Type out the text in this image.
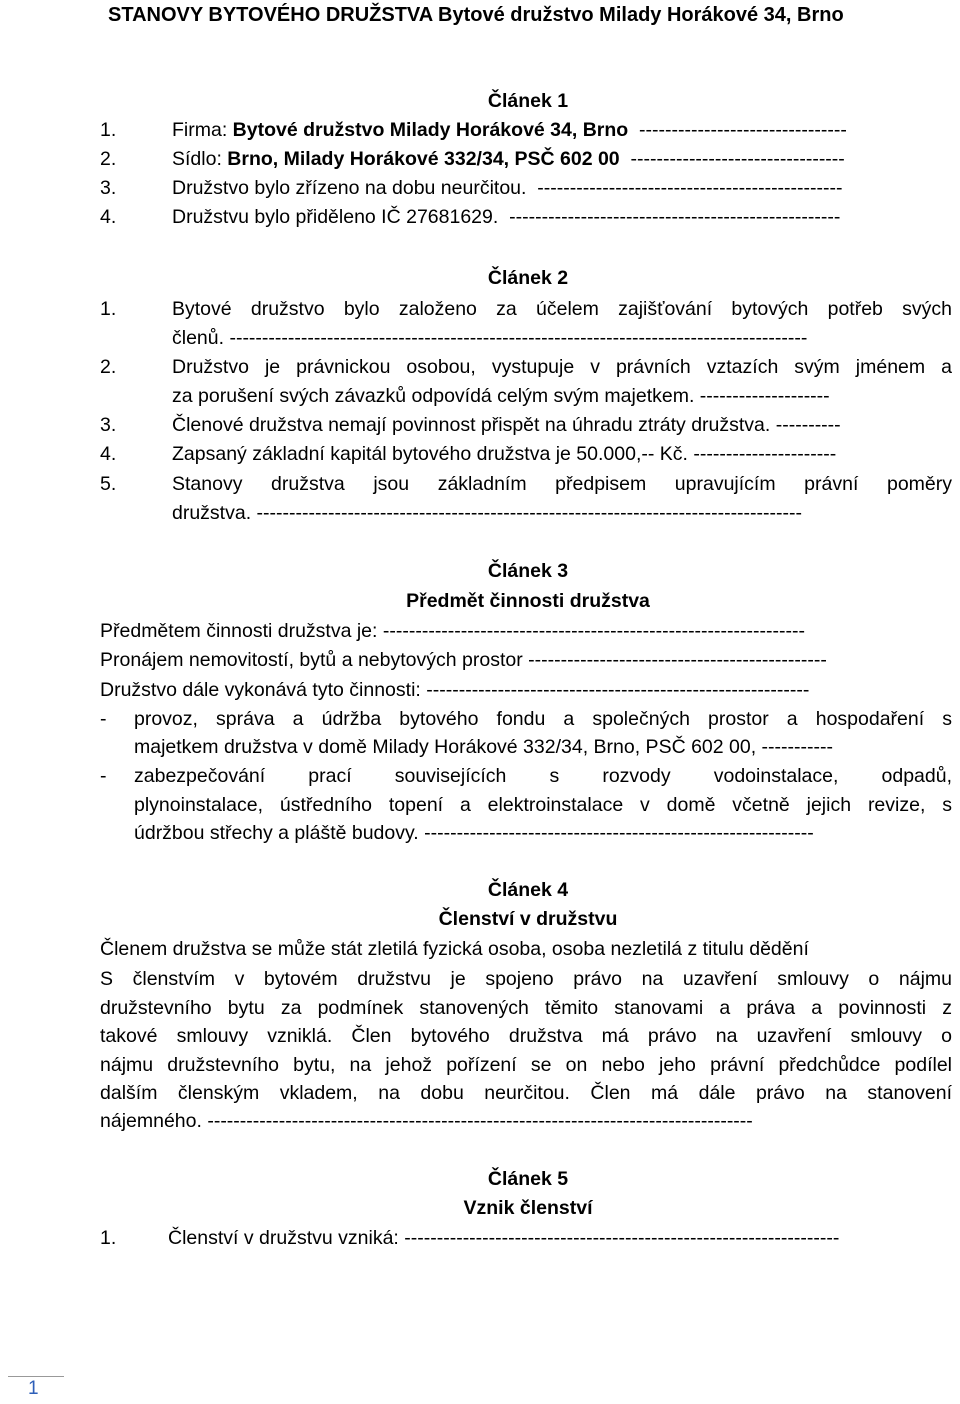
STANOVY BYTOVÉHO DRUŽSTVA Bytové družstvo Milady Horákové 34, Brno
Článek 1
1.	Firma: Bytové družstvo Milady Horákové 34, Brno --------------------------------
2.	Sídlo: Brno, Milady Horákové 332/34, PSČ 602 00 ---------------------------------
3.	Družstvo bylo zřízeno na dobu neurčitou. -----------------------------------------------
4.	Družstvu bylo přiděleno IČ 27681629. ---------------------------------------------------
Článek 2
1.	Bytové družstvo bylo založeno za účelem zajišťování bytových potřeb svých
členů. -----------------------------------------------------------------------------------------
2.	Družstvo je právnickou osobou, vystupuje v právních vztazích svým jménem a
za porušení svých závazků odpovídá celým svým majetkem. --------------------
3.	Členové družstva nemají povinnost přispět na úhradu ztráty družstva. ----------
4.	Zapsaný základní kapitál bytového družstva je 50.000,-- Kč. ----------------------
5.	Stanovy družstva jsou základním předpisem upravujícím právní poměry
družstva. ------------------------------------------------------------------------------------
Článek 3
Předmět činnosti družstva
Předmětem činnosti družstva je: -----------------------------------------------------------------
Pronájem nemovitostí, bytů a nebytových prostor ----------------------------------------------
Družstvo dále vykonává tyto činnosti: -----------------------------------------------------------
- provoz, správa a údržba bytového fondu a společných prostor a hospodaření s
majetkem družstva v domě Milady Horákové 332/34, Brno, PSČ 602 00, -----------
- zabezpečování prací souvisejících s rozvody vodoinstalace, odpadů,
plynoinstalace, ústředního topení a elektroinstalace v domě včetně jejich revize, s
údržbou střechy a pláště budovy. ------------------------------------------------------------
Článek 4
Členství v družstvu
Členem družstva se může stát zletilá fyzická osoba, osoba nezletilá z titulu dědění
S členstvím v bytovém družstvu je spojeno právo na uzavření smlouvy o nájmu
družstevního bytu za podmínek stanovených těmito stanovami a práva a povinnosti z
takové smlouvy vzniklá. Člen bytového družstva má právo na uzavření smlouvy o
nájmu družstevního bytu, na jehož pořízení se on nebo jeho právní předchůdce podílel
dalším členským vkladem, na dobu neurčitou. Člen má dále právo na stanovení
nájemného. ------------------------------------------------------------------------------------
Článek 5
Vznik členství
1.	Členství v družstvu vzniká: -------------------------------------------------------------------
1
